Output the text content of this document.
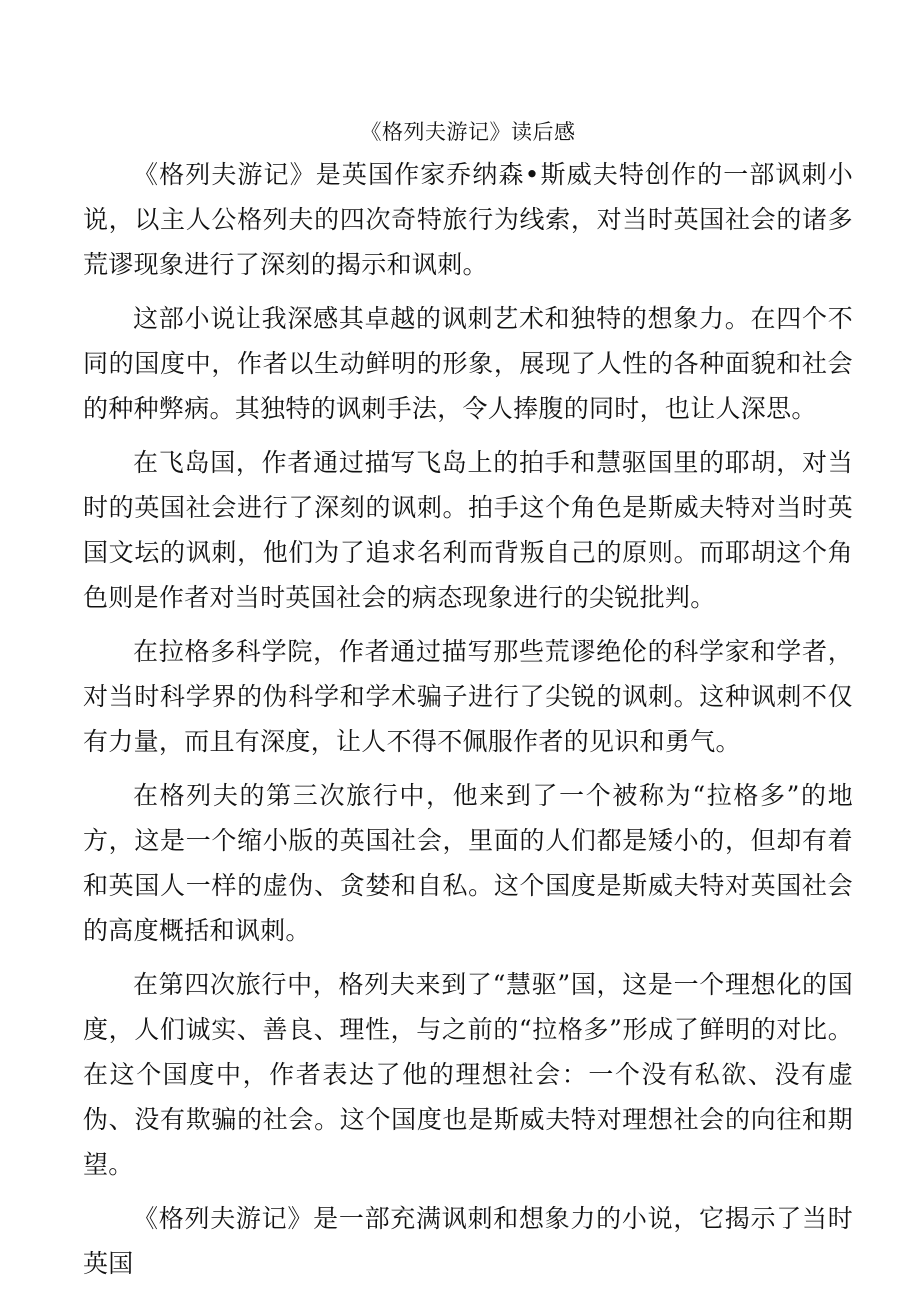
《格列夫游记》读后感

《格列夫游记》是英国作家乔纳森•斯威夫特创作的一部讽刺小说，以主人公格列夫的四次奇特旅行为线索，对当时英国社会的诸多荒谬现象进行了深刻的揭示和讽刺。

这部小说让我深感其卓越的讽刺艺术和独特的想象力。在四个不同的国度中，作者以生动鲜明的形象，展现了人性的各种面貌和社会的种种弊病。其独特的讽刺手法，令人捧腹的同时，也让人深思。

在飞岛国，作者通过描写飞岛上的拍手和慧驱国里的耶胡，对当时的英国社会进行了深刻的讽刺。拍手这个角色是斯威夫特对当时英国文坛的讽刺，他们为了追求名利而背叛自己的原则。而耶胡这个角色则是作者对当时英国社会的病态现象进行的尖锐批判。

在拉格多科学院，作者通过描写那些荒谬绝伦的科学家和学者，对当时科学界的伪科学和学术骗子进行了尖锐的讽刺。这种讽刺不仅有力量，而且有深度，让人不得不佩服作者的见识和勇气。

在格列夫的第三次旅行中，他来到了一个被称为“拉格多”的地方，这是一个缩小版的英国社会，里面的人们都是矮小的，但却有着和英国人一样的虚伪、贪婪和自私。这个国度是斯威夫特对英国社会的高度概括和讽刺。

在第四次旅行中，格列夫来到了“慧驱”国，这是一个理想化的国度，人们诚实、善良、理性，与之前的“拉格多”形成了鲜明的对比。在这个国度中，作者表达了他的理想社会：一个没有私欲、没有虚伪、没有欺骗的社会。这个国度也是斯威夫特对理想社会的向往和期望。

《格列夫游记》是一部充满讽刺和想象力的小说，它揭示了当时英国
